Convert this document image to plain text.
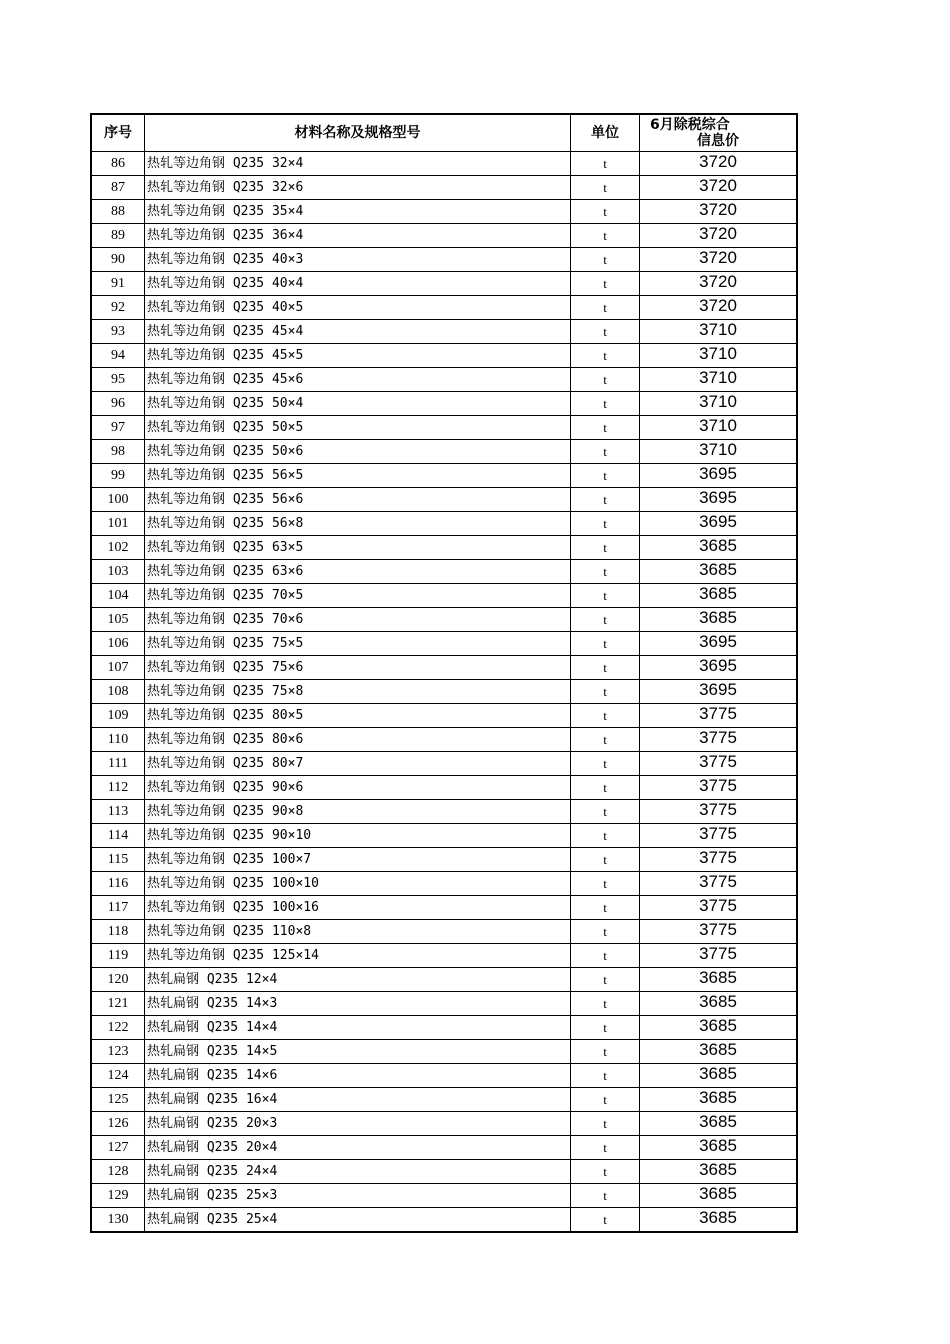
序号	材料名称及规格型号	单位	6月除税综合
信息价

86	热轧等边角钢 Q235 32×4	t	3720
87	热轧等边角钢 Q235 32×6	t	3720
88	热轧等边角钢 Q235 35×4	t	3720
89	热轧等边角钢 Q235 36×4	t	3720
90	热轧等边角钢 Q235 40×3	t	3720
91	热轧等边角钢 Q235 40×4	t	3720
92	热轧等边角钢 Q235 40×5	t	3720
93	热轧等边角钢 Q235 45×4	t	3710
94	热轧等边角钢 Q235 45×5	t	3710
95	热轧等边角钢 Q235 45×6	t	3710
96	热轧等边角钢 Q235 50×4	t	3710
97	热轧等边角钢 Q235 50×5	t	3710
98	热轧等边角钢 Q235 50×6	t	3710
99	热轧等边角钢 Q235 56×5	t	3695
100	热轧等边角钢 Q235 56×6	t	3695
101	热轧等边角钢 Q235 56×8	t	3695
102	热轧等边角钢 Q235 63×5	t	3685
103	热轧等边角钢 Q235 63×6	t	3685
104	热轧等边角钢 Q235 70×5	t	3685
105	热轧等边角钢 Q235 70×6	t	3685
106	热轧等边角钢 Q235 75×5	t	3695
107	热轧等边角钢 Q235 75×6	t	3695
108	热轧等边角钢 Q235 75×8	t	3695
109	热轧等边角钢 Q235 80×5	t	3775
110	热轧等边角钢 Q235 80×6	t	3775
111	热轧等边角钢 Q235 80×7	t	3775
112	热轧等边角钢 Q235 90×6	t	3775
113	热轧等边角钢 Q235 90×8	t	3775
114	热轧等边角钢 Q235 90×10	t	3775
115	热轧等边角钢 Q235 100×7	t	3775
116	热轧等边角钢 Q235 100×10	t	3775
117	热轧等边角钢 Q235 100×16	t	3775
118	热轧等边角钢 Q235 110×8	t	3775
119	热轧等边角钢 Q235 125×14	t	3775
120	热轧扁钢 Q235 12×4	t	3685
121	热轧扁钢 Q235 14×3	t	3685
122	热轧扁钢 Q235 14×4	t	3685
123	热轧扁钢 Q235 14×5	t	3685
124	热轧扁钢 Q235 14×6	t	3685
125	热轧扁钢 Q235 16×4	t	3685
126	热轧扁钢 Q235 20×3	t	3685
127	热轧扁钢 Q235 20×4	t	3685
128	热轧扁钢 Q235 24×4	t	3685
129	热轧扁钢 Q235 25×3	t	3685
130	热轧扁钢 Q235 25×4	t	3685
